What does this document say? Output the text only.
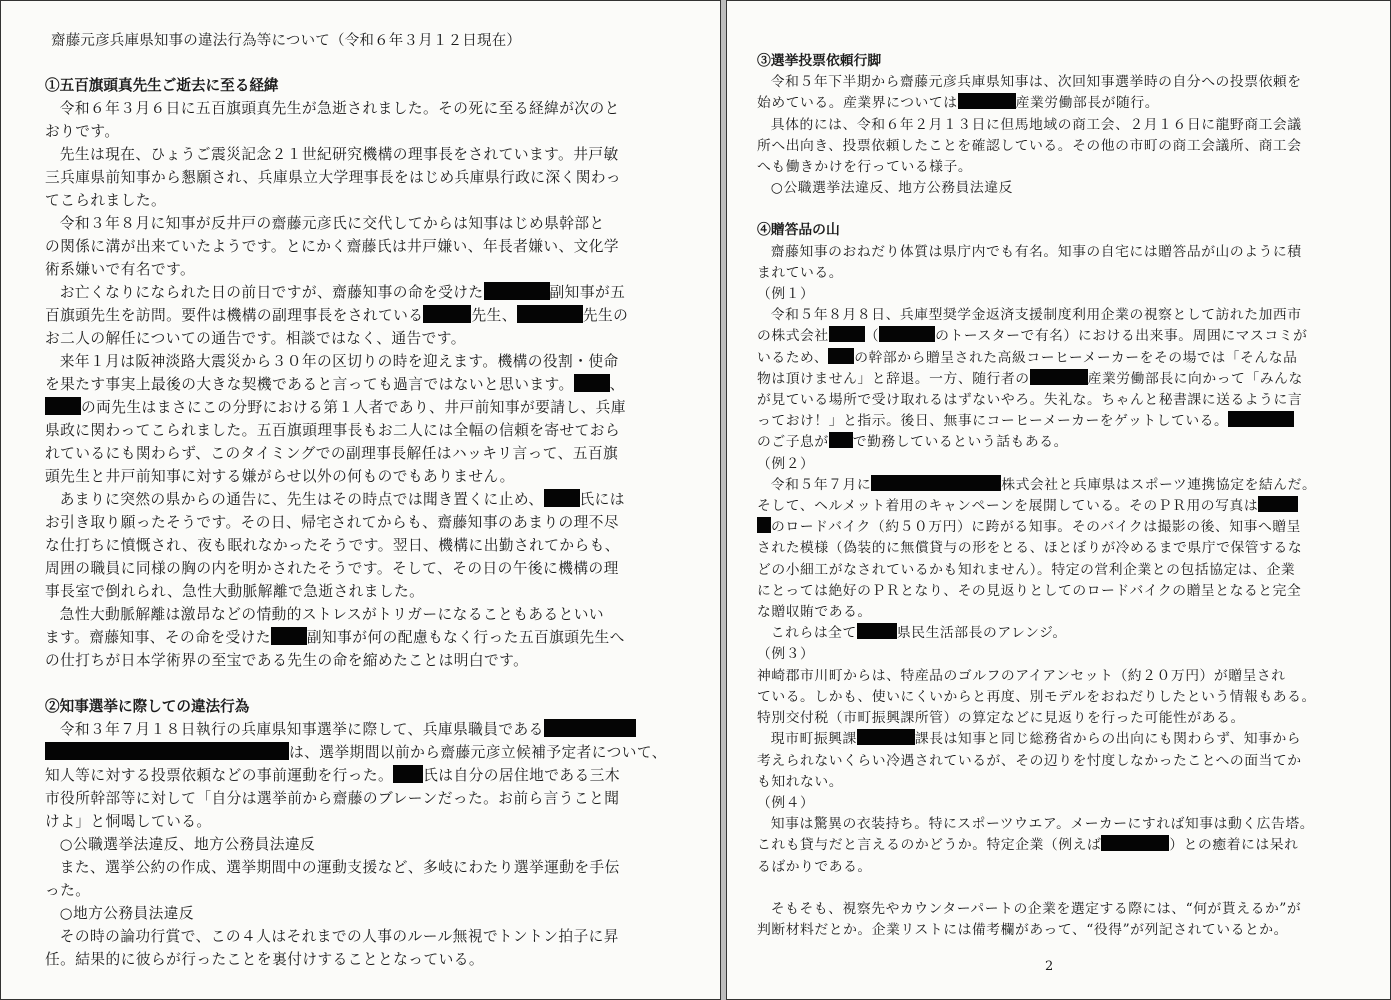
齋藤元彦兵庫県知事の違法行為等について（令和６年３月１２日現在）
①五百旗頭真先生ご逝去に至る経緯
令和６年３月６日に五百旗頭真先生が急逝されました。その死に至る経緯が次のと
おりです。
先生は現在、ひょうご震災記念２１世紀研究機構の理事長をされています。井戸敏
三兵庫県前知事から懇願され、兵庫県立大学理事長をはじめ兵庫県行政に深く関わっ
てこられました。
令和３年８月に知事が反井戸の齋藤元彦氏に交代してからは知事はじめ県幹部と
の関係に溝が出来ていたようです。とにかく齋藤氏は井戸嫌い、年長者嫌い、文化学
術系嫌いで有名です。
お亡くなりになられた日の前日ですが、齋藤知事の命を受けた	副知事が五
百旗頭先生を訪問。要件は機構の副理事長をされている	先生、	先生の
お二人の解任についての通告です。相談ではなく、通告です。
来年１月は阪神淡路大震災から３０年の区切りの時を迎えます。機構の役割・使命
を果たす事実上最後の大きな契機であると言っても過言ではないと思います。 、
の両先生はまさにこの分野における第１人者であり、井戸前知事が要請し、兵庫
県政に関わってこられました。五百旗頭理事長もお二人には全幅の信頼を寄せておら
れているにも関わらず、このタイミングでの副理事長解任はハッキリ言って、五百旗
頭先生と井戸前知事に対する嫌がらせ以外の何ものでもありません。
あまりに突然の県からの通告に、先生はその時点では聞き置くに止め、 氏には
お引き取り願ったそうです。その日、帰宅されてからも、齋藤知事のあまりの理不尽
な仕打ちに憤慨され、夜も眠れなかったそうです。翌日、機構に出勤されてからも、
周囲の職員に同様の胸の内を明かされたそうです。そして、その日の午後に機構の理
事長室で倒れられ、急性大動脈解離で急逝されました。
急性大動脈解離は激昂などの情動的ストレスがトリガーになることもあるといい
ます。齋藤知事、その命を受けた 副知事が何の配慮もなく行った五百旗頭先生へ
の仕打ちが日本学術界の至宝である先生の命を縮めたことは明白です。
②知事選挙に際しての違法行為
令和３年７月１８日執行の兵庫県知事選挙に際して、兵庫県職員である
は、選挙期間以前から齋藤元彦立候補予定者について、
知人等に対する投票依頼などの事前運動を行った。 氏は自分の居住地である三木
市役所幹部等に対して「自分は選挙前から齋藤のブレーンだった。お前ら言うこと聞
けよ」と恫喝している。
○公職選挙法違反、地方公務員法違反
また、選挙公約の作成、選挙期間中の運動支援など、多岐にわたり選挙運動を手伝
った。
○地方公務員法違反
その時の論功行賞で、この４人はそれまでの人事のルール無視でトントン拍子に昇
任。結果的に彼らが行ったことを裏付けすることとなっている。
③選挙投票依頼行脚
令和５年下半期から齋藤元彦兵庫県知事は、次回知事選挙時の自分への投票依頼を
始めている。産業界については	産業労働部長が随行。
具体的には、令和６年２月１３日に但馬地域の商工会、２月１６日に龍野商工会議
所へ出向き、投票依頼したことを確認している。その他の市町の商工会議所、商工会
へも働きかけを行っている様子。
○公職選挙法違反、地方公務員法違反
④贈答品の山
齋藤知事のおねだり体質は県庁内でも有名。知事の自宅には贈答品が山のように積
まれている。
（例１）
令和５年８月８日、兵庫型奨学金返済支援制度利用企業の視察として訪れた加西市
の株式会社	（	のトースターで有名）における出来事。周囲にマスコミが
いるため、 の幹部から贈呈された高級コーヒーメーカーをその場では「そんな品
物は頂けません」と辞退。一方、随行者の	産業労働部長に向かって「みんな
が見ている場所で受け取れるはずないやろ。失礼な。ちゃんと秘書課に送るように言
っておけ！」と指示。後日、無事にコーヒーメーカーをゲットしている。
のご子息が で勤務しているという話もある。
（例２）
令和５年７月に	株式会社と兵庫県はスポーツ連携協定を結んだ。
そして、ヘルメット着用のキャンペーンを展開している。そのＰＲ用の写真は
のロードバイク（約５０万円）に跨がる知事。そのバイクは撮影の後、知事へ贈呈
された模様（偽装的に無償貸与の形をとる、ほとぼりが冷めるまで県庁で保管するな
どの小細工がなされているかも知れません）。特定の営利企業との包括協定は、企業
にとっては絶好のＰＲとなり、その見返りとしてのロードバイクの贈呈となると完全
な贈収賄である。
これらは全て	県民生活部長のアレンジ。
（例３）
神崎郡市川町からは、特産品のゴルフのアイアンセット（約２０万円）が贈呈され
ている。しかも、使いにくいからと再度、別モデルをおねだりしたという情報もある。
特別交付税（市町振興課所管）の算定などに見返りを行った可能性がある。
現市町振興課	課長は知事と同じ総務省からの出向にも関わらず、知事から
考えられないくらい冷遇されているが、その辺りを忖度しなかったことへの面当てか
も知れない。
（例４）
知事は驚異の衣装持ち。特にスポーツウエア。メーカーにすれば知事は動く広告塔。
これも貸与だと言えるのかどうか。特定企業（例えば	）との癒着には呆れ
るばかりである。
そもそも、視察先やカウンターパートの企業を選定する際には、“何が貰えるか”が
判断材料だとか。企業リストには備考欄があって、“役得”が列記されているとか。
2
